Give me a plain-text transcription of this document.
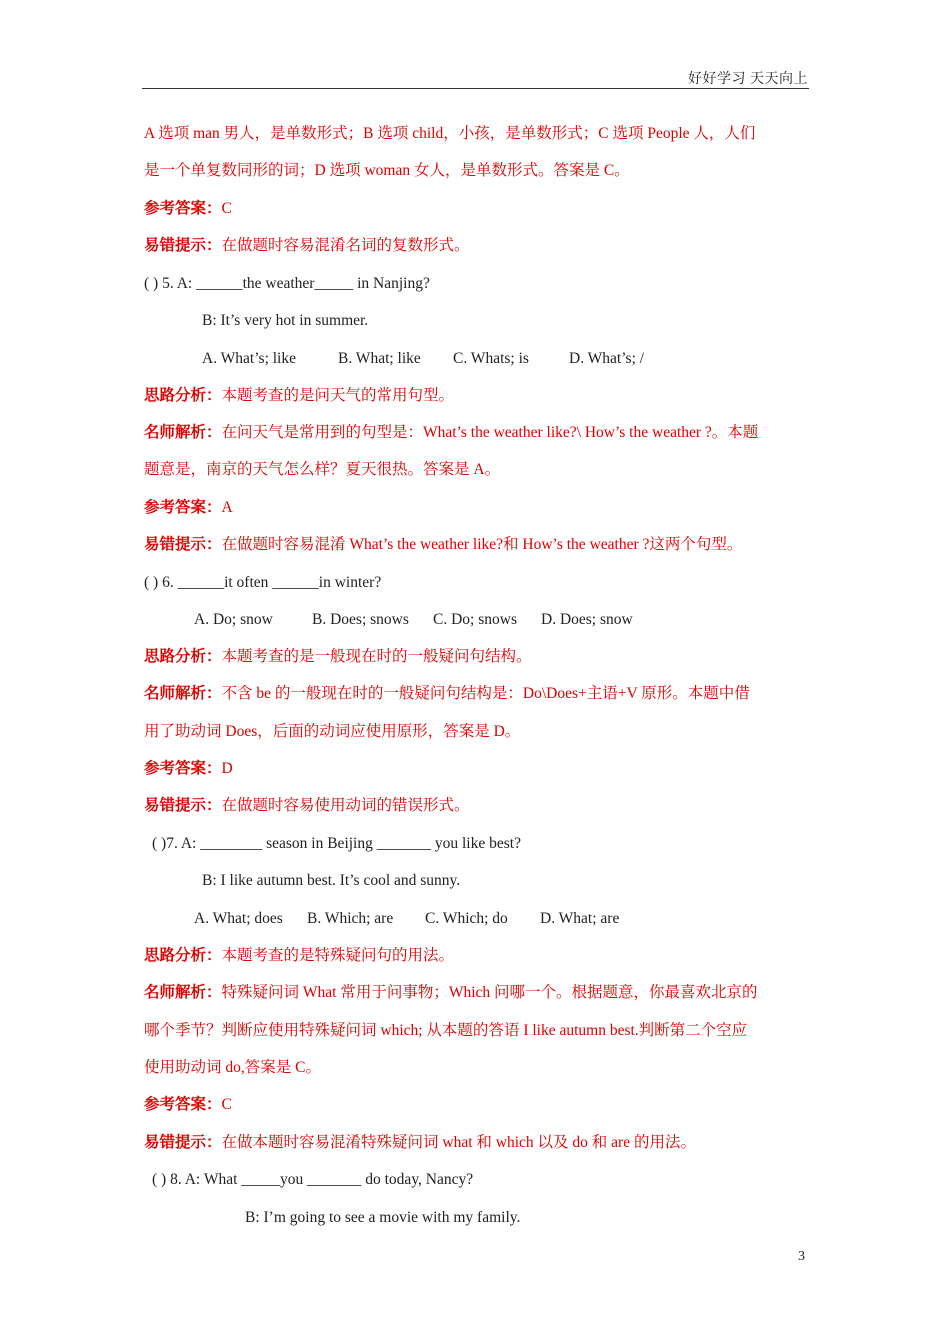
好好学习 天天向上
A 选项 man 男人，是单数形式；B 选项 child，小孩，是单数形式；C 选项 People 人，人们
是一个单复数同形的词；D 选项 woman 女人，是单数形式。答案是 C。
参考答案：C
易错提示：在做题时容易混淆名词的复数形式。
( ) 5. A: ______the weather_____ in Nanjing?
B: It’s very hot in summer.
A. What’s; like	B. What; like C. Whats; is	D. What’s; /
思路分析：本题考查的是问天气的常用句型。
名师解析：在问天气是常用到的句型是：What’s the weather like?\ How’s the weather ?。本题
题意是，南京的天气怎么样？夏天很热。答案是 A。
参考答案：A
易错提示：在做题时容易混淆 What’s the weather like?和 How’s the weather ?这两个句型。
( ) 6. ______it often ______in winter?
A. Do; snow	B. Does; snows C. Do; snows D. Does; snow
思路分析：本题考查的是一般现在时的一般疑问句结构。
名师解析：不含 be 的一般现在时的一般疑问句结构是：Do\Does+主语+V 原形。本题中借
用了助动词 Does，后面的动词应使用原形，答案是 D。
参考答案：D
易错提示：在做题时容易使用动词的错误形式。
( )7. A: ________ season in Beijing _______ you like best?
B: I like autumn best. It’s cool and sunny.
A. What; does B. Which; are C. Which; do D. What; are
思路分析：本题考查的是特殊疑问句的用法。
名师解析：特殊疑问词 What 常用于问事物；Which 问哪一个。根据题意，你最喜欢北京的
哪个季节？判断应使用特殊疑问词 which; 从本题的答语 I like autumn best.判断第二个空应
使用助动词 do,答案是 C。
参考答案：C
易错提示：在做本题时容易混淆特殊疑问词 what 和 which 以及 do 和 are 的用法。
( ) 8. A: What _____you _______ do today, Nancy?
B: I’m going to see a movie with my family.
3
